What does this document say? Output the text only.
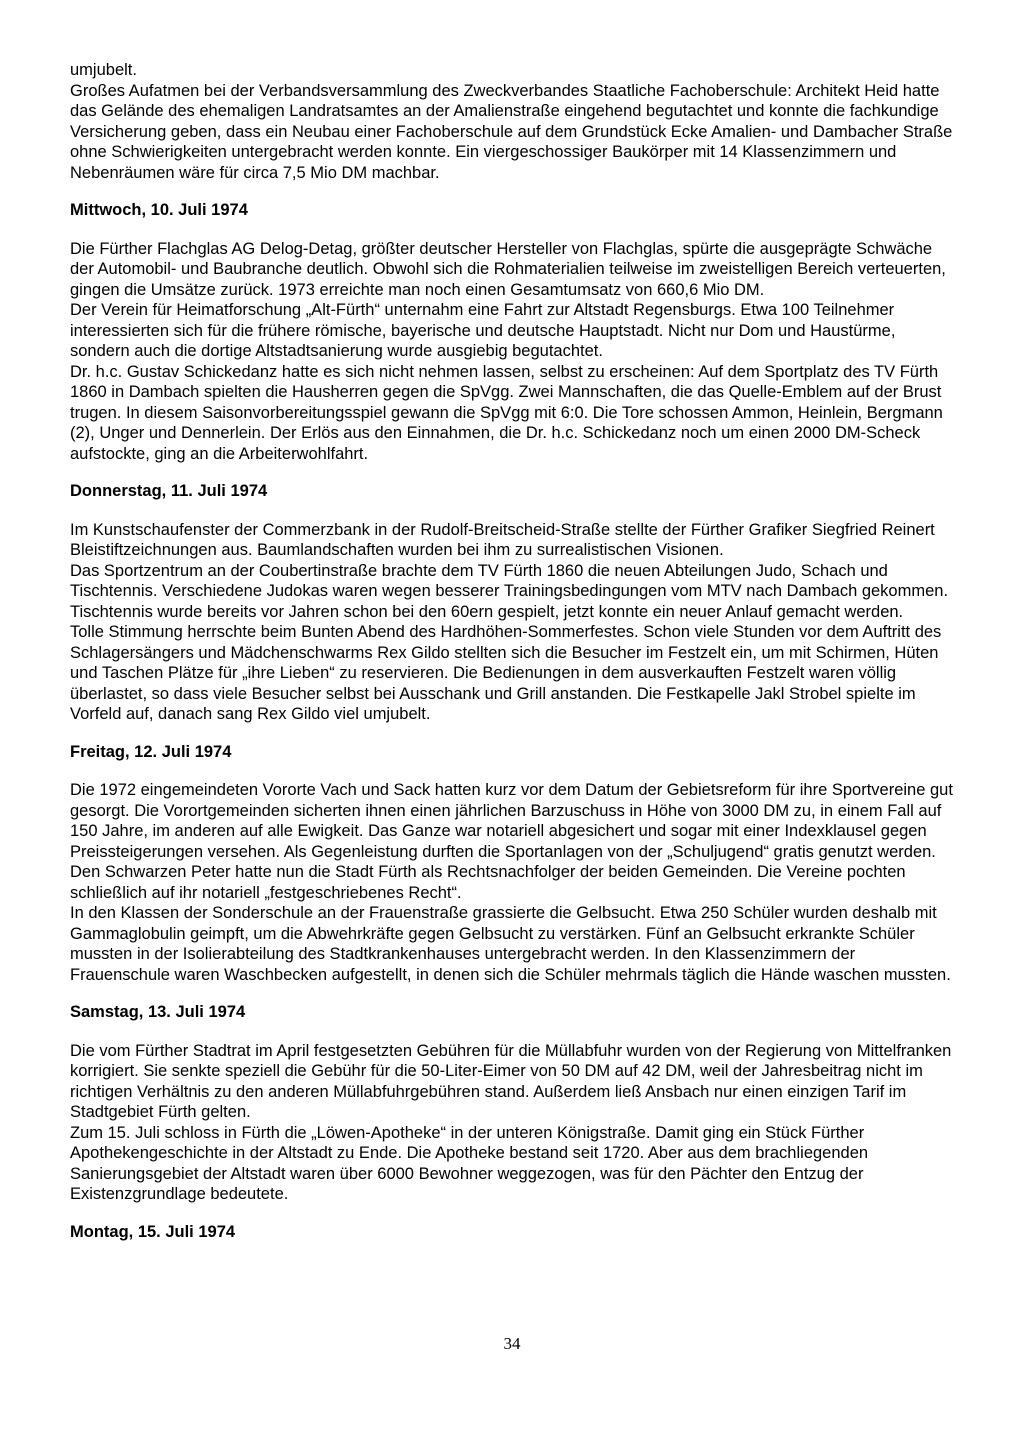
umjubelt.

Großes Aufatmen bei der Verbandsversammlung des Zweckverbandes Staatliche Fachoberschule: Architekt Heid hatte das Gelände des ehemaligen Landratsamtes an der Amalienstraße eingehend begutachtet und konnte die fachkundige Versicherung geben, dass ein Neubau einer Fachoberschule auf dem Grundstück Ecke Amalien- und Dambacher Straße ohne Schwierigkeiten untergebracht werden konnte. Ein viergeschossiger Baukörper mit 14 Klassenzimmern und Nebenräumen wäre für circa 7,5 Mio DM machbar.

Mittwoch, 10. Juli 1974

Die Fürther Flachglas AG Delog-Detag, größter deutscher Hersteller von Flachglas, spürte die ausgeprägte Schwäche der Automobil- und Baubranche deutlich. Obwohl sich die Rohmaterialien teilweise im zweistelligen Bereich verteuerten, gingen die Umsätze zurück. 1973 erreichte man noch einen Gesamtumsatz von 660,6 Mio DM.

Der Verein für Heimatforschung „Alt-Fürth“ unternahm eine Fahrt zur Altstadt Regensburgs. Etwa 100 Teilnehmer interessierten sich für die frühere römische, bayerische und deutsche Hauptstadt. Nicht nur Dom und Haustürme, sondern auch die dortige Altstadtsanierung wurde ausgiebig begutachtet.

Dr. h.c. Gustav Schickedanz hatte es sich nicht nehmen lassen, selbst zu erscheinen: Auf dem Sportplatz des TV Fürth 1860 in Dambach spielten die Hausherren gegen die SpVgg. Zwei Mannschaften, die das Quelle-Emblem auf der Brust trugen. In diesem Saisonvorbereitungsspiel gewann die SpVgg mit 6:0. Die Tore schossen Ammon, Heinlein, Bergmann (2), Unger und Dennerlein. Der Erlös aus den Einnahmen, die Dr. h.c. Schickedanz noch um einen 2000 DM-Scheck aufstockte, ging an die Arbeiterwohlfahrt.

Donnerstag, 11. Juli 1974

Im Kunstschaufenster der Commerzbank in der Rudolf-Breitscheid-Straße stellte der Fürther Grafiker Siegfried Reinert Bleistiftzeichnungen aus. Baumlandschaften wurden bei ihm zu surrealistischen Visionen.

Das Sportzentrum an der Coubertinstraße brachte dem TV Fürth 1860 die neuen Abteilungen Judo, Schach und Tischtennis. Verschiedene Judokas waren wegen besserer Trainingsbedingungen vom MTV nach Dambach gekommen. Tischtennis wurde bereits vor Jahren schon bei den 60ern gespielt, jetzt konnte ein neuer Anlauf gemacht werden.

Tolle Stimmung herrschte beim Bunten Abend des Hardhöhen-Sommerfestes. Schon viele Stunden vor dem Auftritt des Schlagersängers und Mädchenschwarms Rex Gildo stellten sich die Besucher im Festzelt ein, um mit Schirmen, Hüten und Taschen Plätze für „ihre Lieben“ zu reservieren. Die Bedienungen in dem ausverkauften Festzelt waren völlig überlastet, so dass viele Besucher selbst bei Ausschank und Grill anstanden. Die Festkapelle Jakl Strobel spielte im Vorfeld auf, danach sang Rex Gildo viel umjubelt.

Freitag, 12. Juli 1974

Die 1972 eingemeindeten Vororte Vach und Sack hatten kurz vor dem Datum der Gebietsreform für ihre Sportvereine gut gesorgt. Die Vorortgemeinden sicherten ihnen einen jährlichen Barzuschuss in Höhe von 3000 DM zu, in einem Fall auf 150 Jahre, im anderen auf alle Ewigkeit. Das Ganze war notariell abgesichert und sogar mit einer Indexklausel gegen Preissteigerungen versehen. Als Gegenleistung durften die Sportanlagen von der „Schuljugend“ gratis genutzt werden. Den Schwarzen Peter hatte nun die Stadt Fürth als Rechtsnachfolger der beiden Gemeinden. Die Vereine pochten schließlich auf ihr notariell „festgeschriebenes Recht“.

In den Klassen der Sonderschule an der Frauenstraße grassierte die Gelbsucht. Etwa 250 Schüler wurden deshalb mit Gammaglobulin geimpft, um die Abwehrkräfte gegen Gelbsucht zu verstärken. Fünf an Gelbsucht erkrankte Schüler mussten in der Isolierabteilung des Stadtkrankenhauses untergebracht werden. In den Klassenzimmern der Frauenschule waren Waschbecken aufgestellt, in denen sich die Schüler mehrmals täglich die Hände waschen mussten.

Samstag, 13. Juli 1974

Die vom Fürther Stadtrat im April festgesetzten Gebühren für die Müllabfuhr wurden von der Regierung von Mittelfranken korrigiert. Sie senkte speziell die Gebühr für die 50-Liter-Eimer von 50 DM auf 42 DM, weil der Jahresbeitrag nicht im richtigen Verhältnis zu den anderen Müllabfuhrgebühren stand. Außerdem ließ Ansbach nur einen einzigen Tarif im Stadtgebiet Fürth gelten.

Zum 15. Juli schloss in Fürth die „Löwen-Apotheke“ in der unteren Königstraße. Damit ging ein Stück Fürther Apothekengeschichte in der Altstadt zu Ende. Die Apotheke bestand seit 1720. Aber aus dem brachliegenden Sanierungsgebiet der Altstadt waren über 6000 Bewohner weggezogen, was für den Pächter den Entzug der Existenzgrundlage bedeutete.

Montag, 15. Juli 1974
34
